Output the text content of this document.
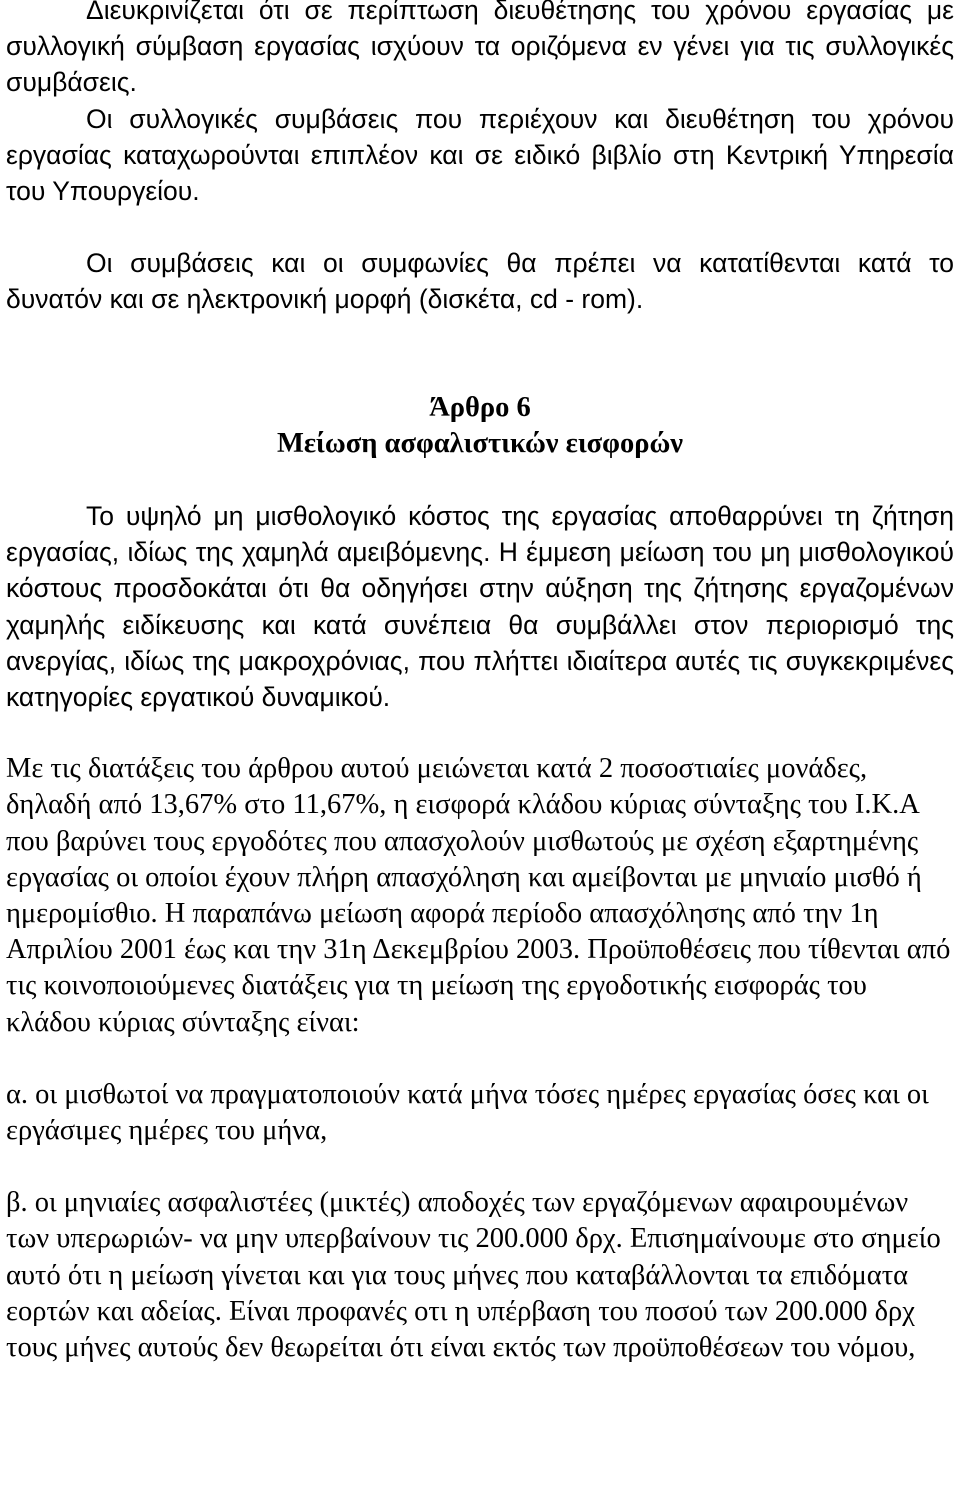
Διευκρινίζεται ότι σε περίπτωση διευθέτησης του χρόνου εργασίας με συλλογική σύμβαση εργασίας ισχύουν τα οριζόμενα εν γένει για τις συλλογικές συμβάσεις.

Οι συλλογικές συμβάσεις που περιέχουν και διευθέτηση του χρόνου εργασίας καταχωρούνται επιπλέον και σε ειδικό βιβλίο στη Κεντρική Υπηρεσία του Υπουργείου.

Οι συμβάσεις και οι συμφωνίες θα πρέπει να κατατίθενται κατά το δυνατόν και σε ηλεκτρονική μορφή (δισκέτα, cd - rom).

Άρθρο 6

Μείωση ασφαλιστικών εισφορών

Το υψηλό μη μισθολογικό κόστος της εργασίας αποθαρρύνει τη ζήτηση εργασίας, ιδίως της χαμηλά αμειβόμενης. Η έμμεση μείωση του μη μισθολογικού κόστους προσδοκάται ότι θα οδηγήσει στην αύξηση της ζήτησης εργαζομένων χαμηλής ειδίκευσης και κατά συνέπεια θα συμβάλλει στον περιορισμό της ανεργίας, ιδίως της μακροχρόνιας, που πλήττει ιδιαίτερα αυτές τις συγκεκριμένες κατηγορίες εργατικού δυναμικού.

Με τις διατάξεις του άρθρου αυτού μειώνεται κατά 2 ποσοστιαίες μονάδες, δηλαδή από 13,67% στο 11,67%, η εισφορά κλάδου κύριας σύνταξης του Ι.Κ.Α που βαρύνει τους εργοδότες που απασχολούν μισθωτούς με σχέση εξαρτημένης εργασίας οι οποίοι έχουν πλήρη απασχόληση και αμείβονται με μηνιαίο μισθό ή ημερομίσθιο. Η παραπάνω μείωση αφορά περίοδο απασχόλησης από την 1η Απριλίου 2001 έως και την 31η Δεκεμβρίου 2003. Προϋποθέσεις που τίθενται από τις κοινοποιούμενες διατάξεις για τη μείωση της εργοδοτικής εισφοράς του κλάδου κύριας σύνταξης είναι:

α. οι μισθωτοί να πραγματοποιούν κατά μήνα τόσες ημέρες εργασίας όσες και οι εργάσιμες ημέρες του μήνα,

β. οι μηνιαίες ασφαλιστέες (μικτές) αποδοχές των εργαζόμενων αφαιρουμένων των υπερωριών- να μην υπερβαίνουν τις 200.000 δρχ. Επισημαίνουμε στο σημείο αυτό ότι η μείωση γίνεται και για τους μήνες που καταβάλλονται τα επιδόματα εορτών και αδείας. Είναι προφανές οτι η υπέρβαση του ποσού των 200.000 δρχ τους μήνες αυτούς δεν θεωρείται ότι είναι εκτός των προϋποθέσεων του νόμου,
